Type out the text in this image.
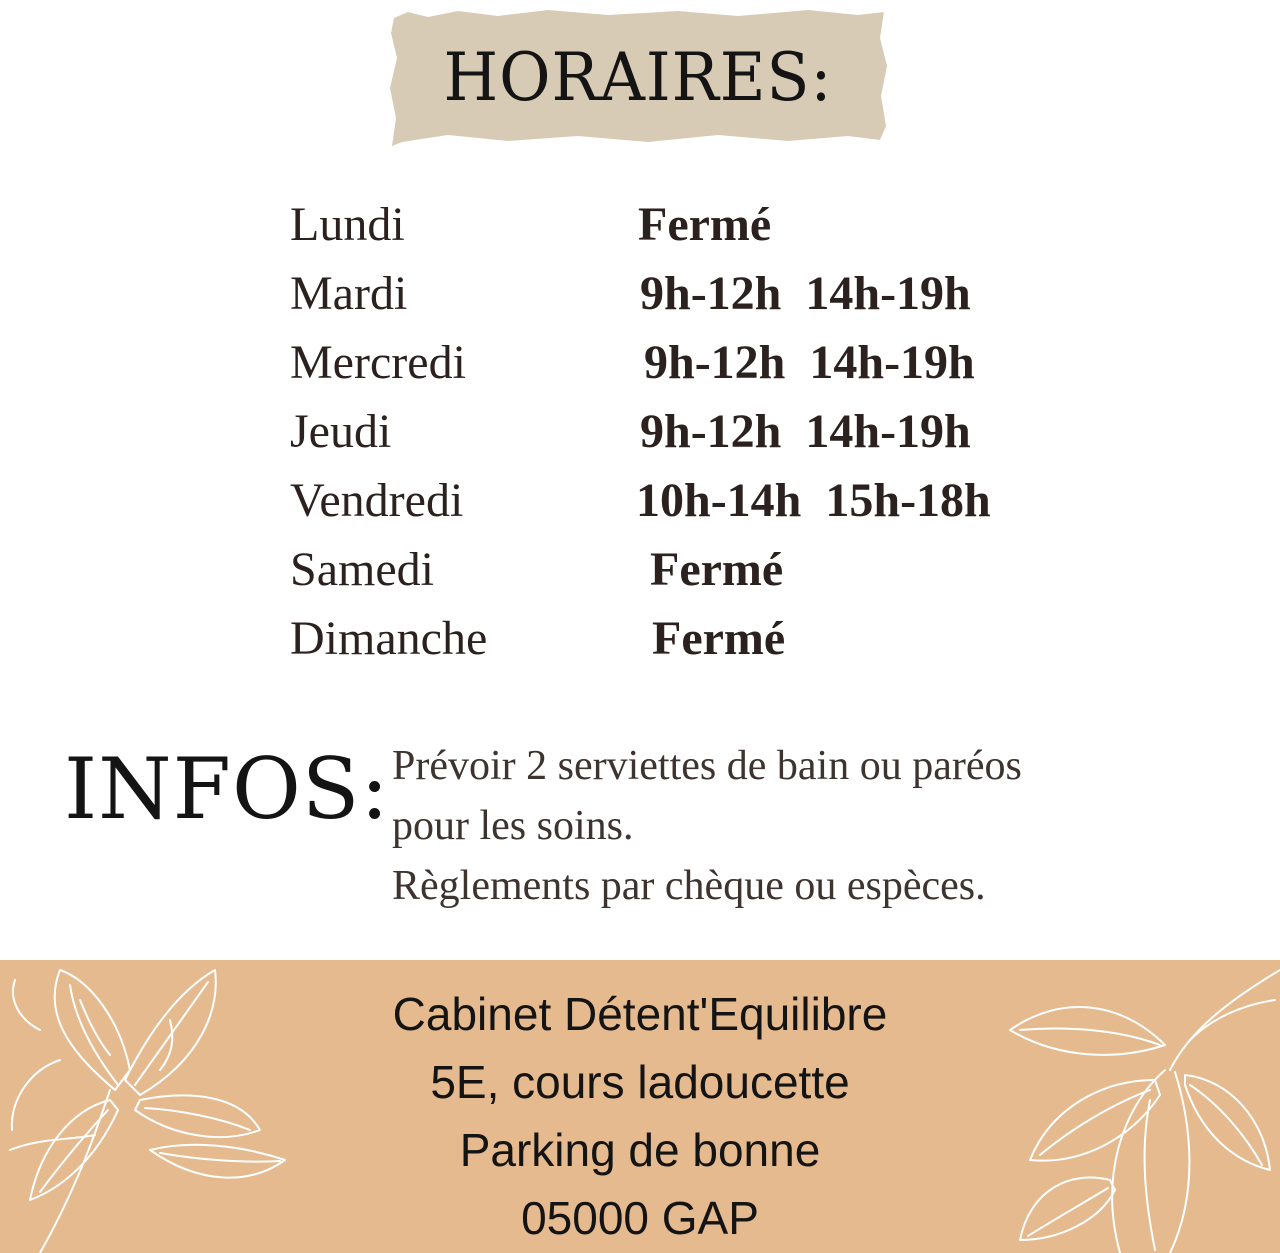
HORAIRES:
Lundi	Fermé
Mardi	9h-12h  14h-19h
Mercredi	9h-12h  14h-19h
Jeudi	9h-12h  14h-19h
Vendredi	10h-14h  15h-18h
Samedi	Fermé
Dimanche	Fermé
INFOS: Prévoir 2 serviettes de bain ou paréos
pour les soins.
Règlements par chèque ou espèces.
Cabinet Détent'Equilibre
5E, cours ladoucette
Parking de bonne
05000 GAP
